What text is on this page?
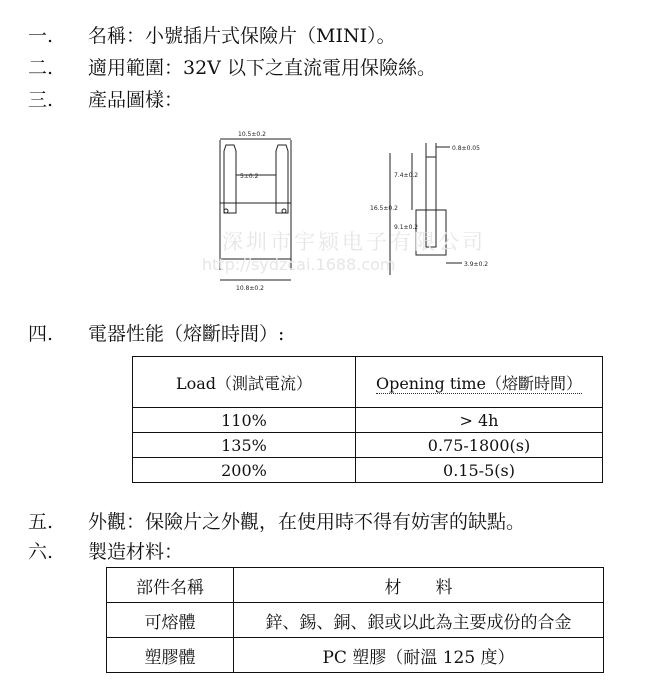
一. 名稱：小號插片式保險片（MINI）。
二. 適用範圍：32V 以下之直流電用保險絲。
三. 產品圖樣：
10.5±0.2
5±0.2
10.8±0.2
0.8±0.05
7.4±0.2
16.5±0.2
9.1±0.2
3.9±0.2
深圳市宇颍电子有限公司
http://sydzcai.1688.com
四. 電器性能（熔斷時間）:
Load（測試電流）	Opening time（熔斷時間）
110%	> 4h
135%	0.75-1800(s)
200%	0.15-5(s)
五. 外觀：保險片之外觀，在使用時不得有妨害的缺點。
六. 製造材料：
部件名稱	材　　料
可熔體	鋅、錫、銅、銀或以此為主要成份的合金
塑膠體	PC 塑膠（耐溫 125 度）
